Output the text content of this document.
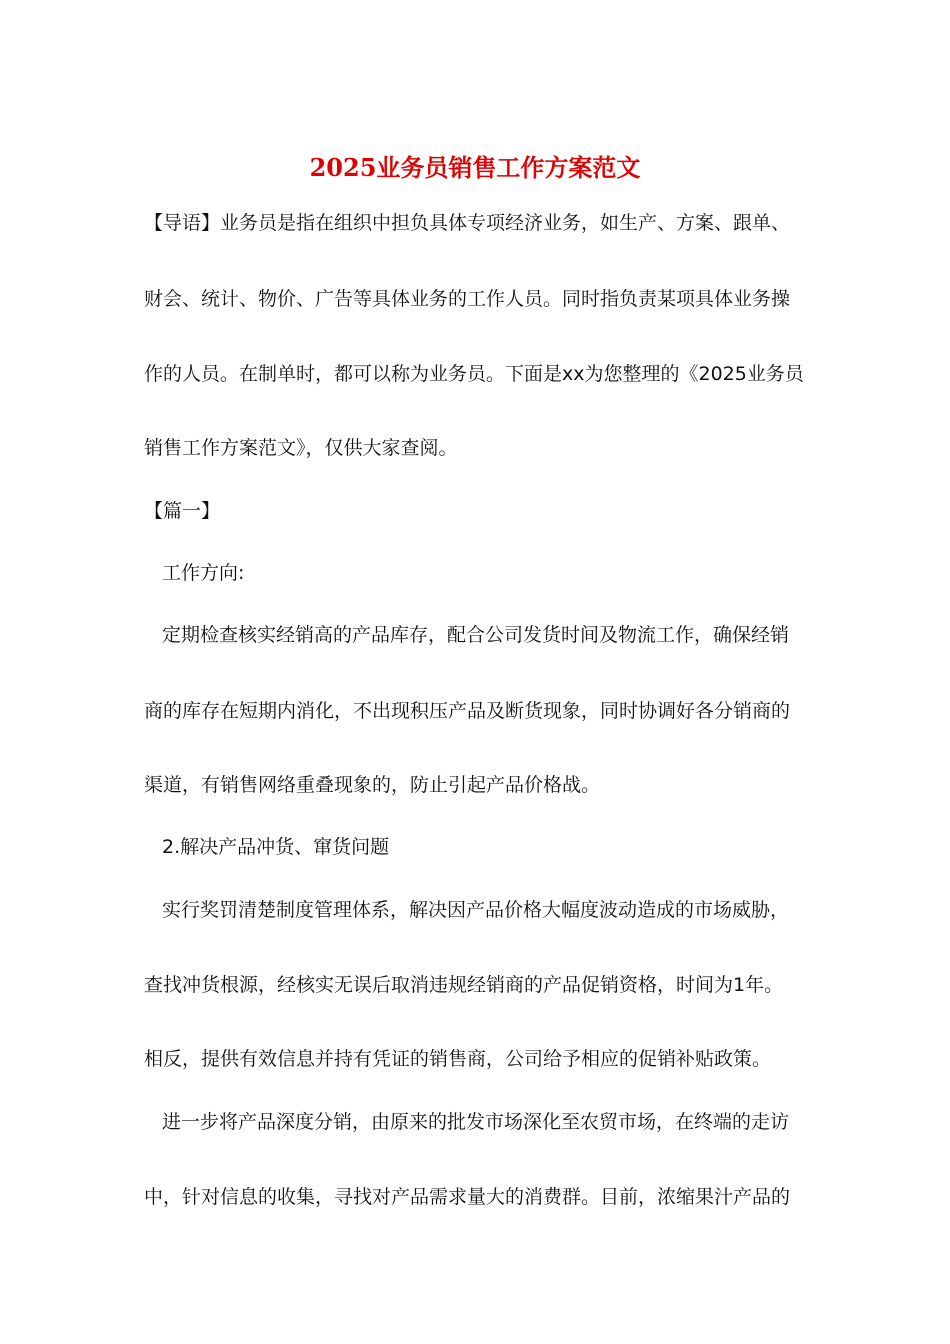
2025业务员销售工作方案范文

【导语】业务员是指在组织中担负具体专项经济业务，如生产、方案、跟单、

财会、统计、物价、广告等具体业务的工作人员。同时指负责某项具体业务操

作的人员。在制单时，都可以称为业务员。下面是xx为您整理的《2025业务员

销售工作方案范文》，仅供大家查阅。

【篇一】

工作方向:

定期检查核实经销高的产品库存，配合公司发货时间及物流工作，确保经销

商的库存在短期内消化，不出现积压产品及断货现象，同时协调好各分销商的

渠道，有销售网络重叠现象的，防止引起产品价格战。

2.解决产品冲货、窜货问题

实行奖罚清楚制度管理体系，解决因产品价格大幅度波动造成的市场威胁，

查找冲货根源，经核实无误后取消违规经销商的产品促销资格，时间为1年。

相反，提供有效信息并持有凭证的销售商，公司给予相应的促销补贴政策。

进一步将产品深度分销，由原来的批发市场深化至农贸市场，在终端的走访

中，针对信息的收集，寻找对产品需求量大的消费群。目前，浓缩果汁产品的
